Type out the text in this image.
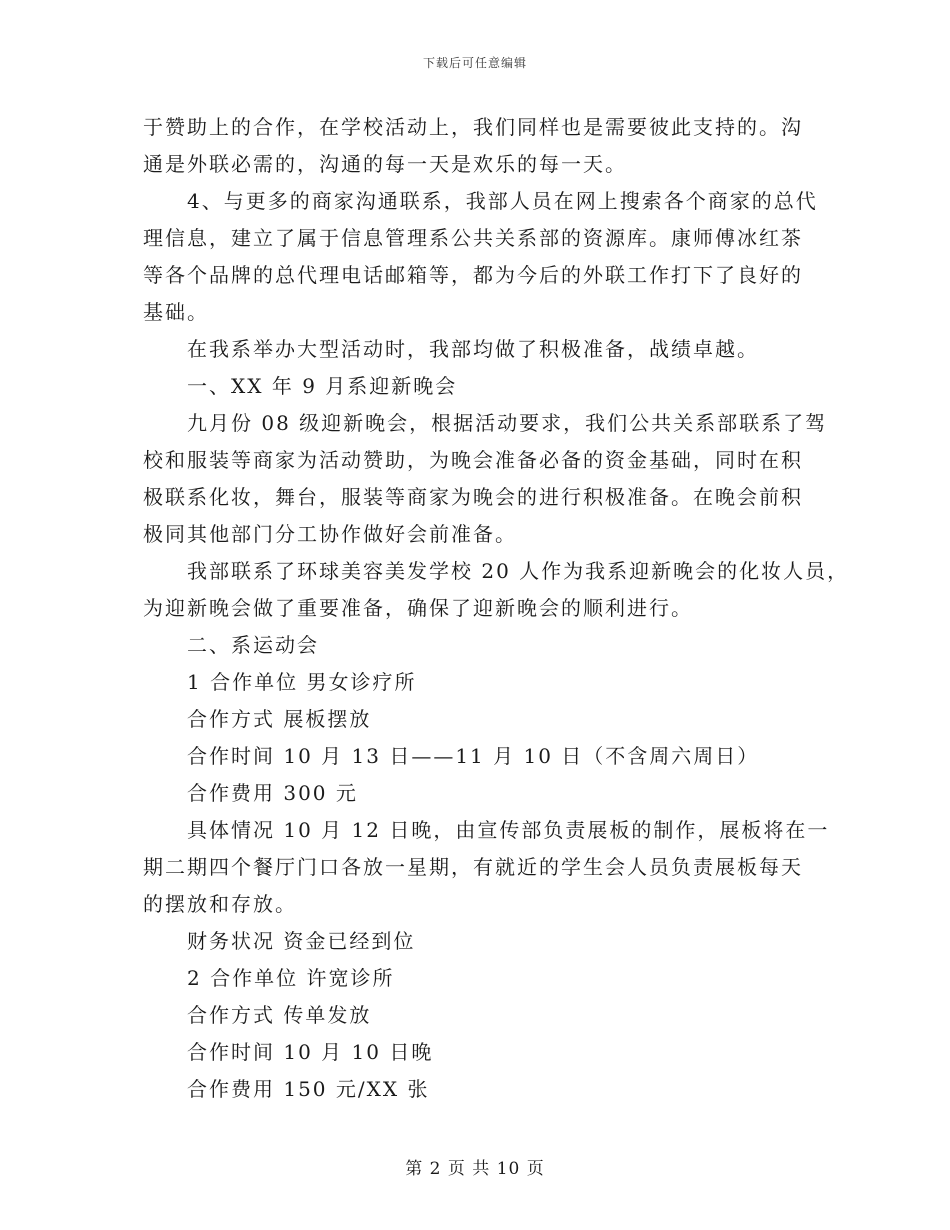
下载后可任意编辑
于赞助上的合作，在学校活动上，我们同样也是需要彼此支持的。沟
通是外联必需的，沟通的每一天是欢乐的每一天。
4、与更多的商家沟通联系，我部人员在网上搜索各个商家的总代
理信息，建立了属于信息管理系公共关系部的资源库。康师傅冰红茶
等各个品牌的总代理电话邮箱等，都为今后的外联工作打下了良好的
基础。
在我系举办大型活动时，我部均做了积极准备，战绩卓越。
一、XX 年 9 月系迎新晚会
九月份 08 级迎新晚会，根据活动要求，我们公共关系部联系了驾
校和服装等商家为活动赞助，为晚会准备必备的资金基础，同时在积
极联系化妆，舞台，服装等商家为晚会的进行积极准备。在晚会前积
极同其他部门分工协作做好会前准备。
我部联系了环球美容美发学校 20 人作为我系迎新晚会的化妆人员，
为迎新晚会做了重要准备，确保了迎新晚会的顺利进行。
二、系运动会
1 合作单位 男女诊疗所
合作方式 展板摆放
合作时间 10 月 13 日——11 月 10 日（不含周六周日）
合作费用 300 元
具体情况 10 月 12 日晚，由宣传部负责展板的制作，展板将在一
期二期四个餐厅门口各放一星期，有就近的学生会人员负责展板每天
的摆放和存放。
财务状况 资金已经到位
2 合作单位 许宽诊所
合作方式 传单发放
合作时间 10 月 10 日晚
合作费用 150 元/XX 张
第 2 页 共 10 页
